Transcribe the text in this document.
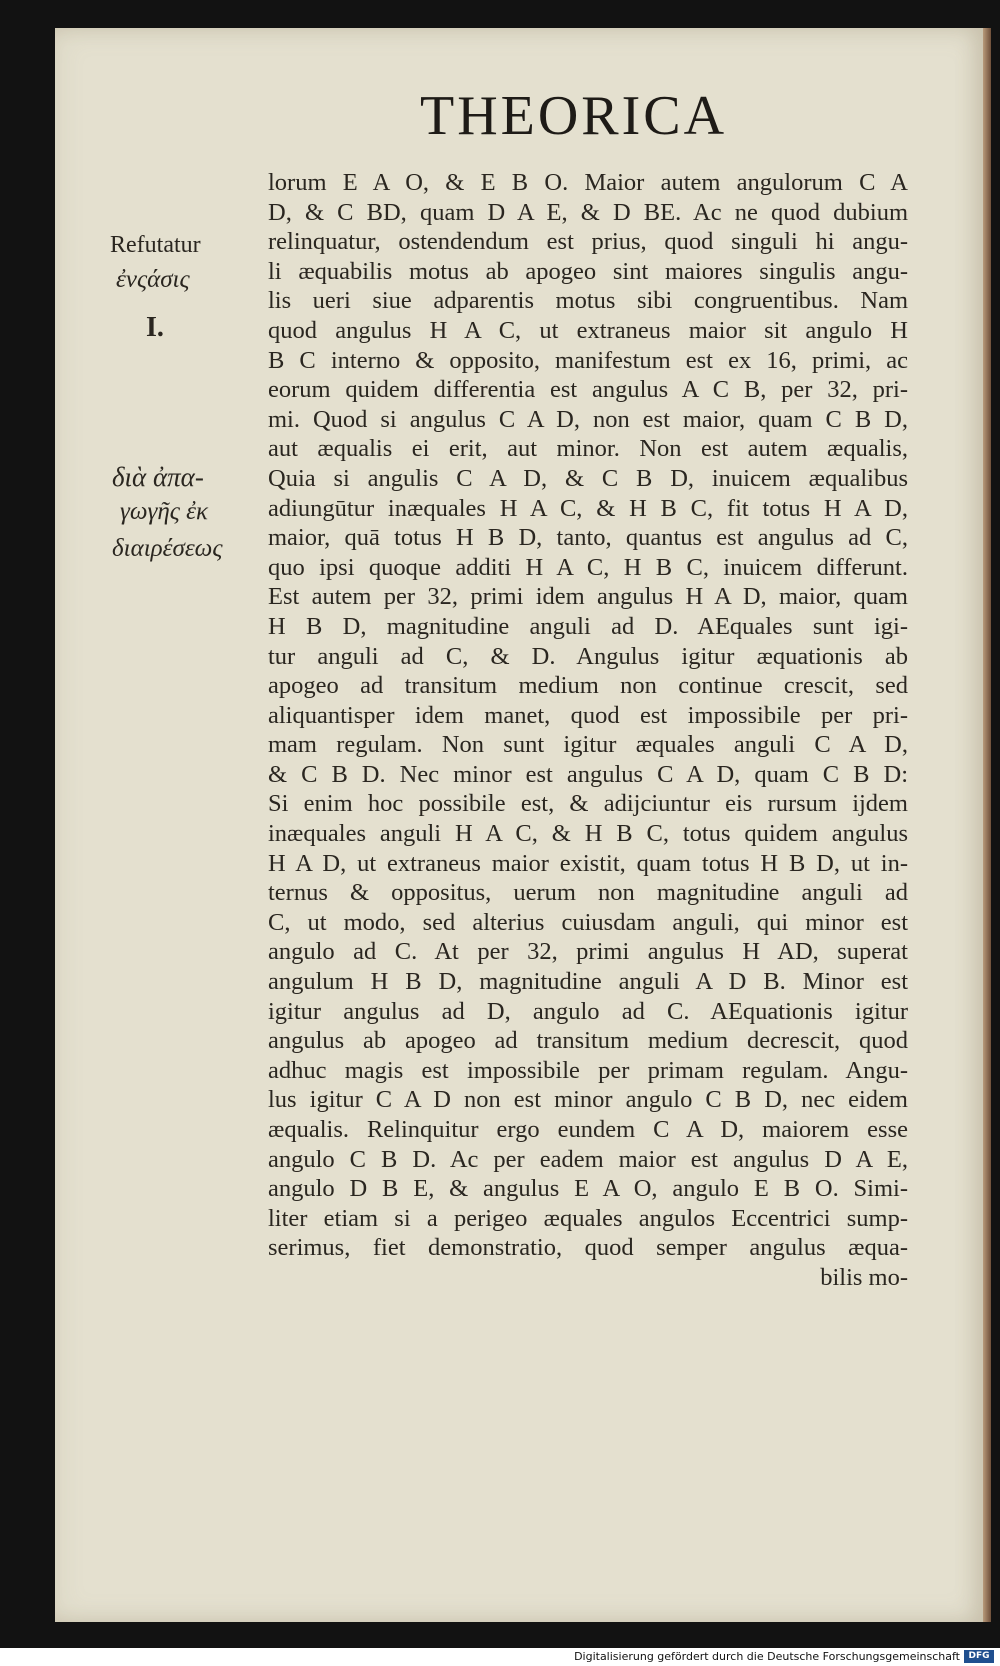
THEORICA
Refutatur
ἐνςάσις
I.
διὰ ἀπα-
γωγῆς ἐκ
διαιρέσεως
lorum E A O, & E B O. Maior autem angulorum C A
D, & C BD, quam D A E, & D BE. Ac ne quod dubium
relinquatur, ostendendum est prius, quod singuli hi angu-
li æquabilis motus ab apogeo sint maiores singulis angu-
lis ueri siue adparentis motus sibi congruentibus. Nam
quod angulus H A C, ut extraneus maior sit angulo H
B C interno & opposito, manifestum est ex 16, primi, ac
eorum quidem differentia est angulus A C B, per 32, pri-
mi. Quod si angulus C A D, non est maior, quam C B D,
aut æqualis ei erit, aut minor. Non est autem æqualis,
Quia si angulis C A D, & C B D, inuicem æqualibus
adiungūtur inæquales H A C, & H B C, fit totus H A D,
maior, quā totus H B D, tanto, quantus est angulus ad C,
quo ipsi quoque additi H A C, H B C, inuicem differunt.
Est autem per 32, primi idem angulus H A D, maior, quam
H B D, magnitudine anguli ad D. AEquales sunt igi-
tur anguli ad C, & D. Angulus igitur æquationis ab
apogeo ad transitum medium non continue crescit, sed
aliquantisper idem manet, quod est impossibile per pri-
mam regulam. Non sunt igitur æquales anguli C A D,
& C B D. Nec minor est angulus C A D, quam C B D:
Si enim hoc possibile est, & adijciuntur eis rursum ijdem
inæquales anguli H A C, & H B C, totus quidem angulus
H A D, ut extraneus maior existit, quam totus H B D, ut in-
ternus & oppositus, uerum non magnitudine anguli ad
C, ut modo, sed alterius cuiusdam anguli, qui minor est
angulo ad C. At per 32, primi angulus H AD, superat
angulum H B D, magnitudine anguli A D B. Minor est
igitur angulus ad D, angulo ad C. AEquationis igitur
angulus ab apogeo ad transitum medium decrescit, quod
adhuc magis est impossibile per primam regulam. Angu-
lus igitur C A D non est minor angulo C B D, nec eidem
æqualis. Relinquitur ergo eundem C A D, maiorem esse
angulo C B D. Ac per eadem maior est angulus D A E,
angulo D B E, & angulus E A O, angulo E B O. Simi-
liter etiam si a perigeo æquales angulos Eccentrici sump-
serimus, fiet demonstratio, quod semper angulus æqua-
bilis mo-
Digitalisierung gefördert durch die Deutsche Forschungsgemeinschaft DFG
